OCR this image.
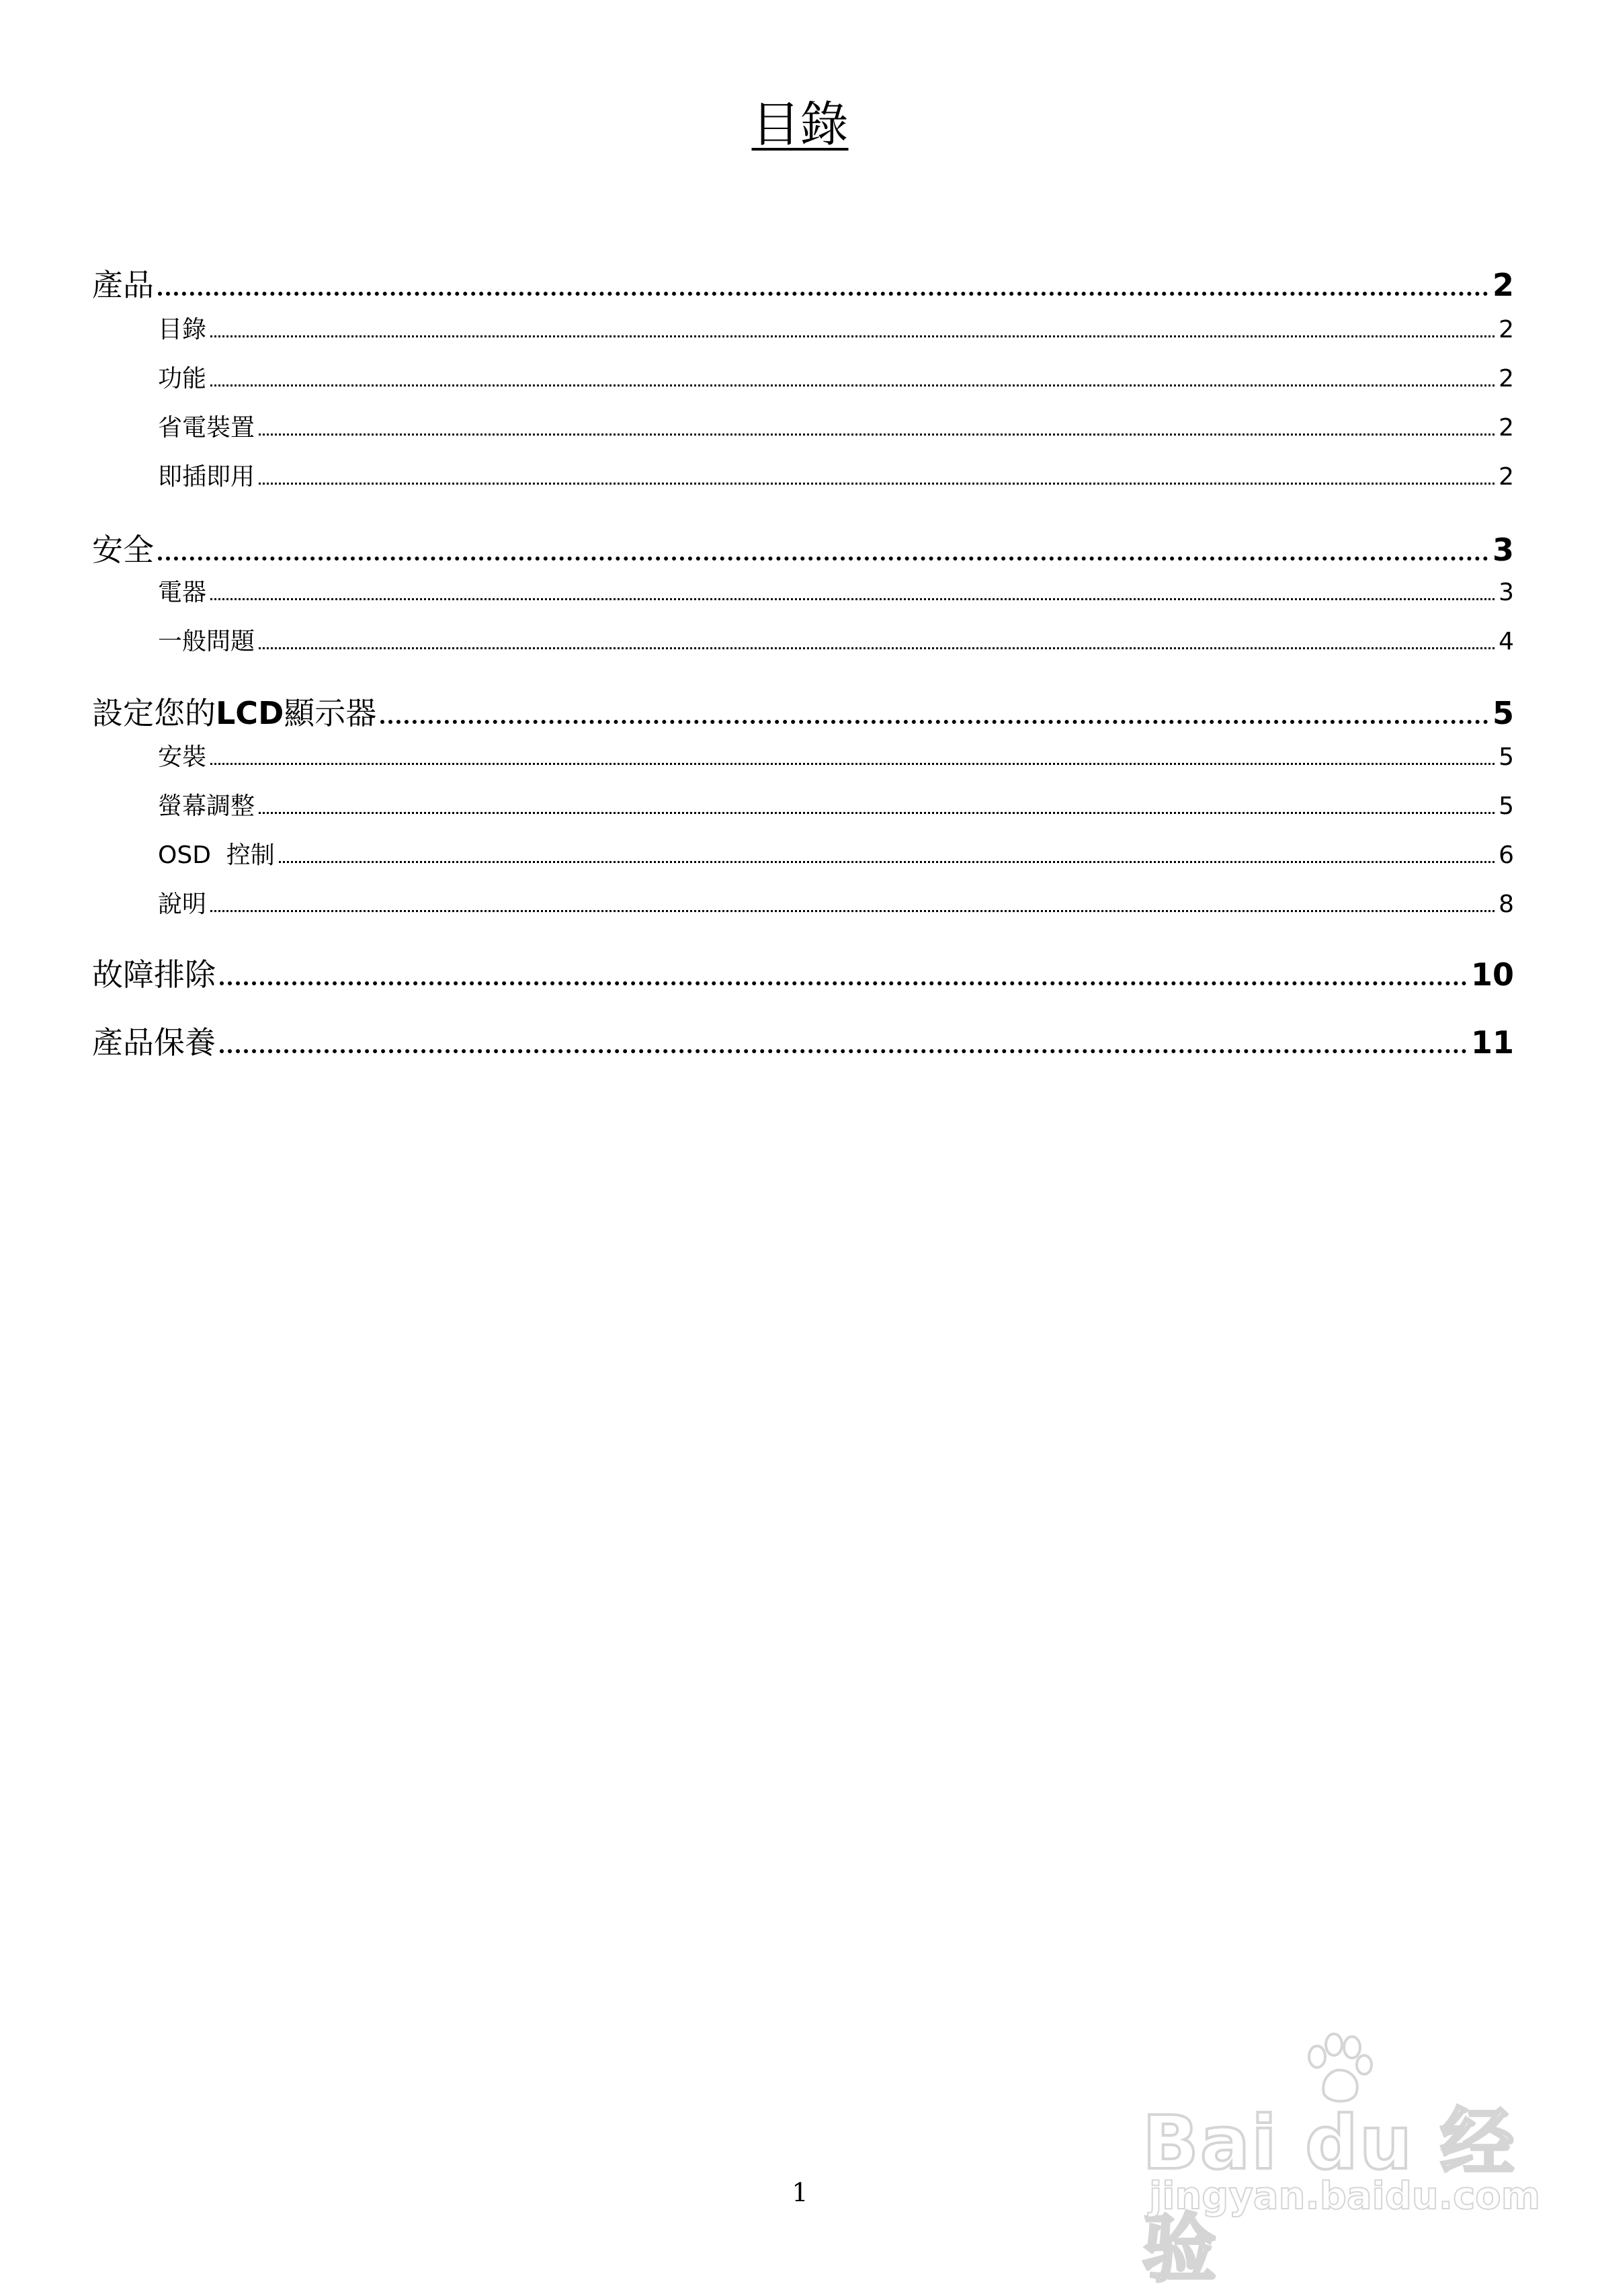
目錄
產品	2
目錄	2
功能	2
省電裝置	2
即插即用	2
安全	3
電器	3
一般問題	4
設定您的LCD顯示器	5
安裝	5
螢幕調整	5
OSD  控制	6
說明	8
故障排除	10
產品保養	11
Bai du 经验
jingyan.baidu.com
1
